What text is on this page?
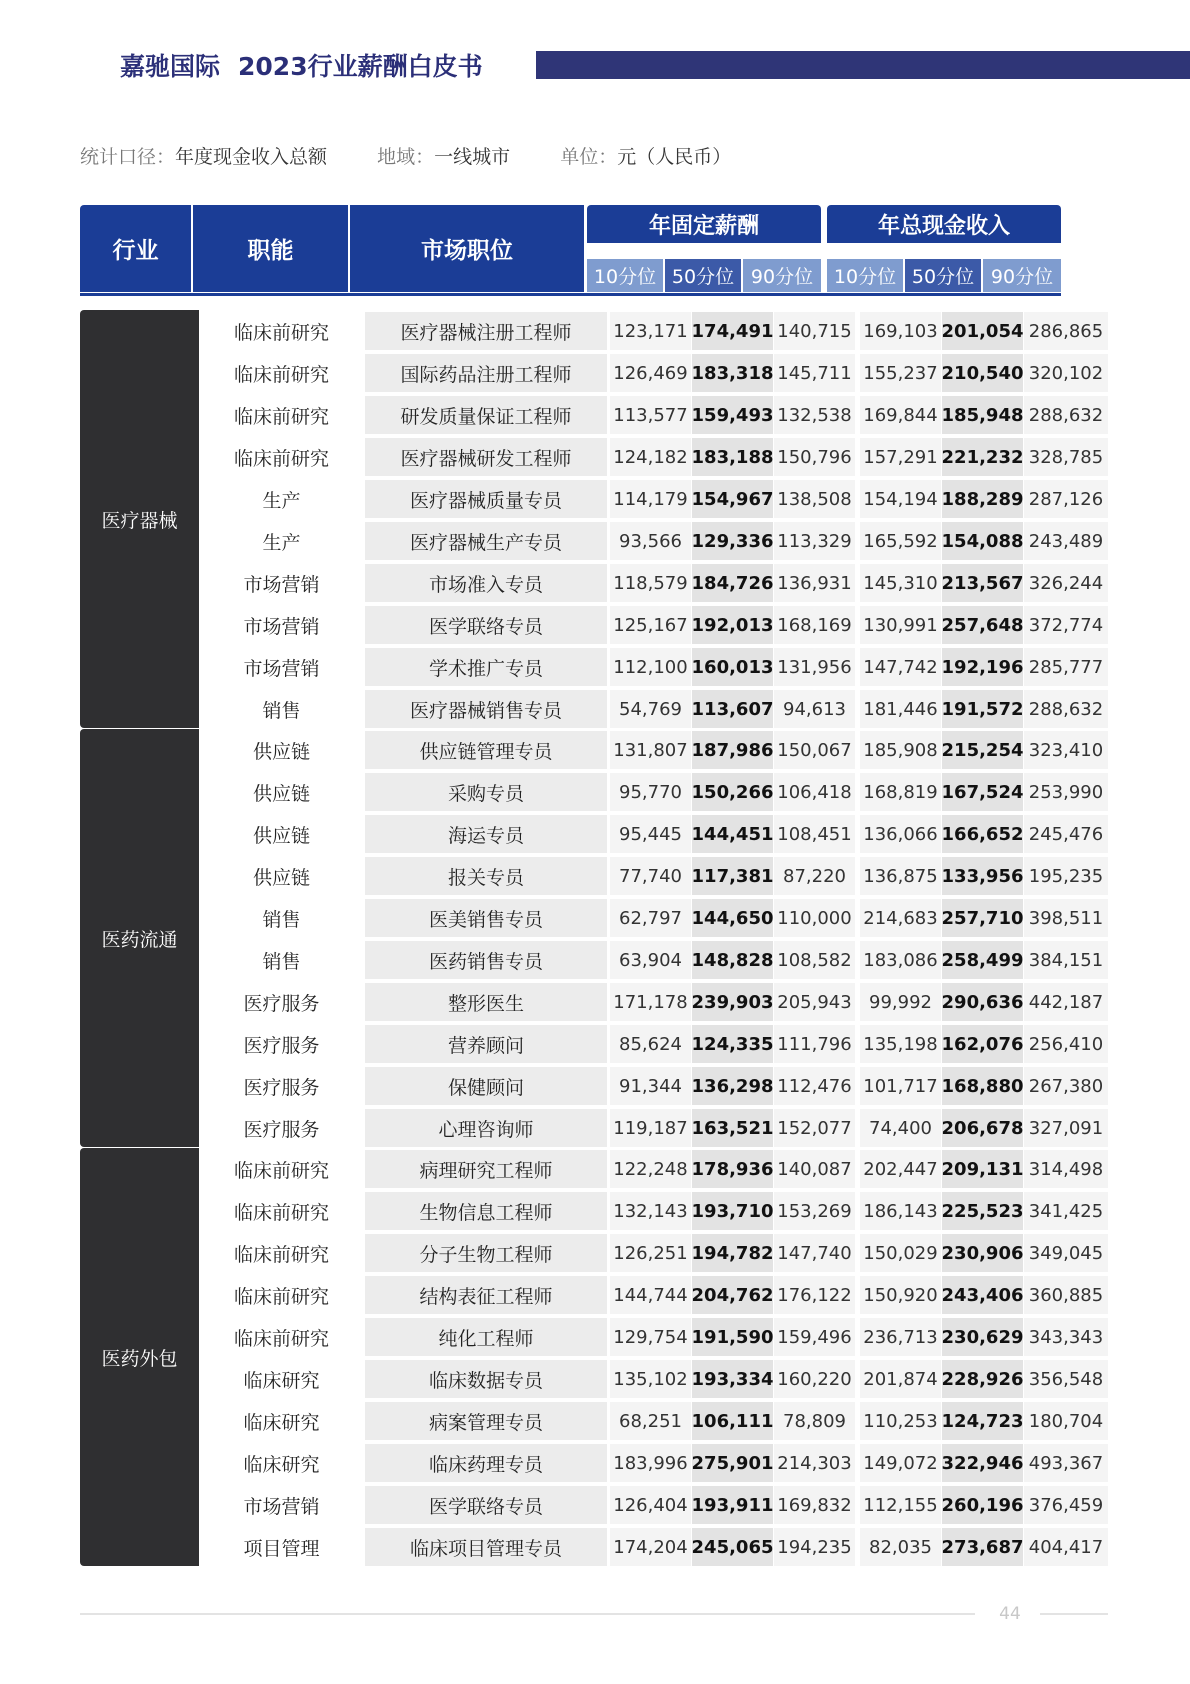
嘉驰国际 2023行业薪酬白皮书
统计口径：年度现金收入总额	地域：一线城市	单位：元（人民币）
行业	职能	市场职位
年固定薪酬	年总现金收入
10分位 50分位 90分位	10分位 50分位 90分位
医疗器械
临床前研究	医疗器械注册工程师	123,171 174,491 140,715 169,103 201,054 286,865
临床前研究	国际药品注册工程师	126,469 183,318 145,711 155,237 210,540 320,102
临床前研究	研发质量保证工程师	113,577 159,493 132,538 169,844 185,948 288,632
临床前研究	医疗器械研发工程师	124,182 183,188 150,796 157,291 221,232 328,785
生产	医疗器械质量专员	114,179 154,967 138,508 154,194 188,289 287,126
生产	医疗器械生产专员	93,566 129,336 113,329 165,592 154,088 243,489
市场营销	市场准入专员	118,579 184,726 136,931 145,310 213,567 326,244
市场营销	医学联络专员	125,167 192,013 168,169 130,991 257,648 372,774
市场营销	学术推广专员	112,100 160,013 131,956 147,742 192,196 285,777
销售	医疗器械销售专员	54,769 113,607 94,613 181,446 191,572 288,632
医药流通
供应链	供应链管理专员	131,807 187,986 150,067 185,908 215,254 323,410
供应链	采购专员	95,770 150,266 106,418 168,819 167,524 253,990
供应链	海运专员	95,445 144,451 108,451 136,066 166,652 245,476
供应链	报关专员	77,740 117,381 87,220 136,875 133,956 195,235
销售	医美销售专员	62,797 144,650 110,000 214,683 257,710 398,511
销售	医药销售专员	63,904 148,828 108,582 183,086 258,499 384,151
医疗服务	整形医生	171,178 239,903 205,943 99,992 290,636 442,187
医疗服务	营养顾问	85,624 124,335 111,796 135,198 162,076 256,410
医疗服务	保健顾问	91,344 136,298 112,476 101,717 168,880 267,380
医疗服务	心理咨询师	119,187 163,521 152,077 74,400 206,678 327,091
医药外包
临床前研究	病理研究工程师	122,248 178,936 140,087 202,447 209,131 314,498
临床前研究	生物信息工程师	132,143 193,710 153,269 186,143 225,523 341,425
临床前研究	分子生物工程师	126,251 194,782 147,740 150,029 230,906 349,045
临床前研究	结构表征工程师	144,744 204,762 176,122 150,920 243,406 360,885
临床前研究	纯化工程师	129,754 191,590 159,496 236,713 230,629 343,343
临床研究	临床数据专员	135,102 193,334 160,220 201,874 228,926 356,548
临床研究	病案管理专员	68,251 106,111 78,809 110,253 124,723 180,704
临床研究	临床药理专员	183,996 275,901 214,303 149,072 322,946 493,367
市场营销	医学联络专员	126,404 193,911 169,832 112,155 260,196 376,459
项目管理	临床项目管理专员	174,204 245,065 194,235 82,035 273,687 404,417
44
